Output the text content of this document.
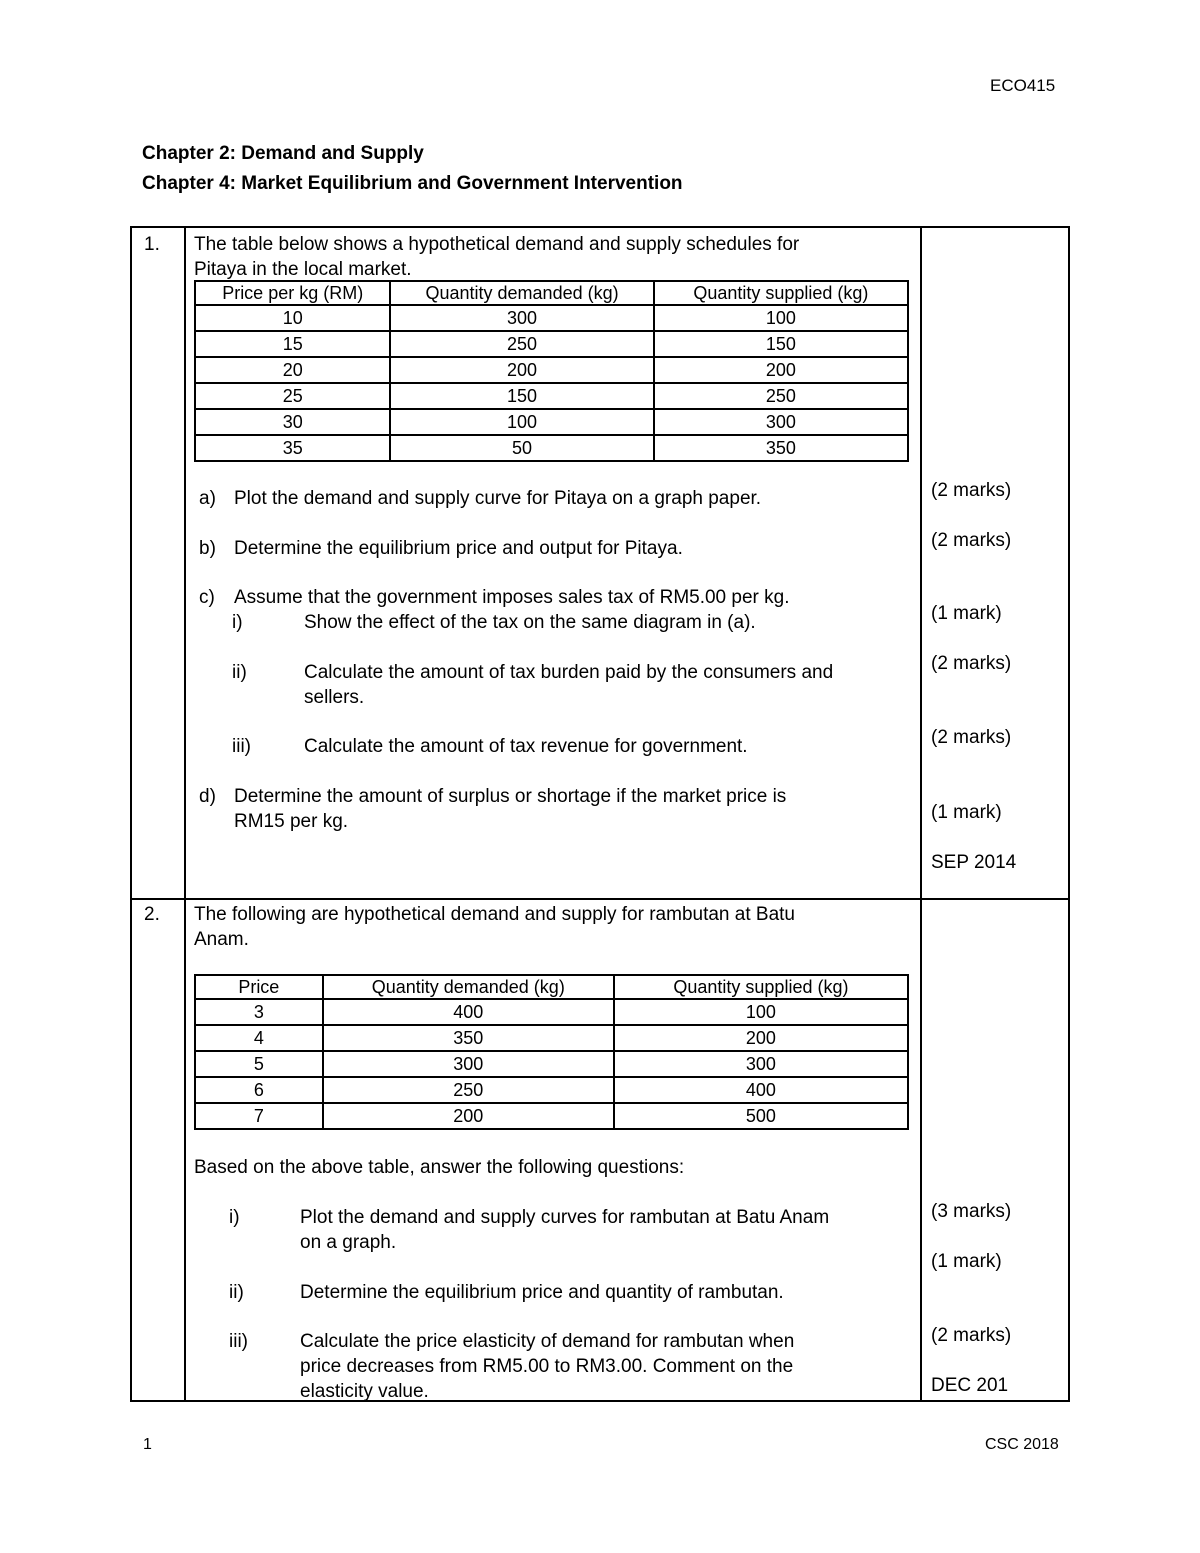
ECO415
Chapter 2: Demand and Supply
Chapter 4: Market Equilibrium and Government Intervention
1. The table below shows a hypothetical demand and supply schedules for
Pitaya in the local market.
Price per kg (RM)	Quantity demanded (kg)	Quantity supplied (kg)
10	300	100
15	250	150
20	200	200
25	150	250
30	100	300
35	50	350
a) Plot the demand and supply curve for Pitaya on a graph paper.
b) Determine the equilibrium price and output for Pitaya.
c) Assume that the government imposes sales tax of RM5.00 per kg.
i)	Show the effect of the tax on the same diagram in (a).
ii)	Calculate the amount of tax burden paid by the consumers and
sellers.
iii)	Calculate the amount of tax revenue for government.
d) Determine the amount of surplus or shortage if the market price is
RM15 per kg.
(2 marks)
(2 marks)
(1 mark)
(2 marks)
(2 marks)
(1 mark)
SEP 2014
2. The following are hypothetical demand and supply for rambutan at Batu
Anam.
Price	Quantity demanded (kg)	Quantity supplied (kg)
3	400	100
4	350	200
5	300	300
6	250	400
7	200	500
Based on the above table, answer the following questions:
i)	Plot the demand and supply curves for rambutan at Batu Anam
on a graph.
ii)	Determine the equilibrium price and quantity of rambutan.
iii)	Calculate the price elasticity of demand for rambutan when
price decreases from RM5.00 to RM3.00. Comment on the
elasticity value.
(3 marks)
(1 mark)
(2 marks)
DEC 201
1	CSC 2018
